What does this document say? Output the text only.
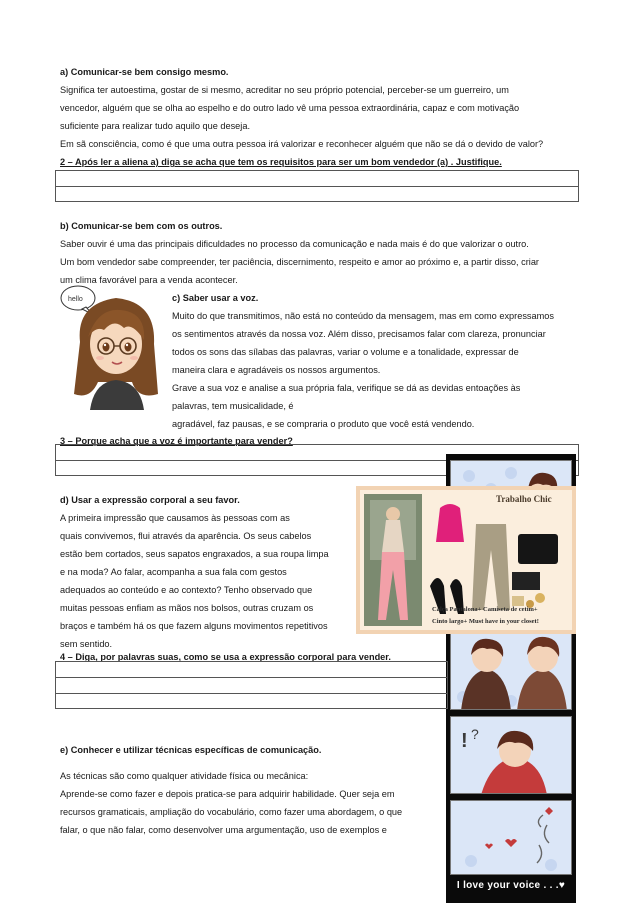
a) Comunicar-se bem consigo mesmo.
Significa ter autoestima, gostar de si mesmo, acreditar no seu próprio potencial, perceber-se um guerreiro, um
vencedor, alguém que se olha ao espelho e do outro lado vê uma pessoa extraordinária, capaz e com motivação
suficiente para realizar tudo aquilo que deseja.
Em sã consciência, como é que uma outra pessoa irá valorizar e reconhecer alguém que não se dá o devido de valor?
2 – Após ler a aliena a) diga se acha que tem os requisitos para ser um bom vendedor (a) . Justifique.
b) Comunicar-se bem com os outros.
Saber ouvir é uma das principais dificuldades no processo da comunicação e nada mais é do que valorizar o outro.
Um bom vendedor sabe compreender, ter paciência, discernimento, respeito e amor ao próximo e, a partir disso, criar
um clima favorável para a venda acontecer.
hello	c) Saber usar a voz.
Muito do que transmitimos, não está no conteúdo da mensagem, mas em como expressamos
os sentimentos através da nossa voz. Além disso, precisamos falar com clareza, pronunciar
todos os sons das sílabas das palavras, variar o volume e a tonalidade, expressar de
maneira clara e agradáveis os nossos argumentos.
Grave a sua voz e analise a sua própria fala, verifique se dá as devidas entoações às
palavras, tem musicalidade, é
agradável, faz pausas, e se compraria o produto que você está vendendo.
3 – Porque acha que a voz é importante para vender?
! ?
I love your voice . . .♥
Trabalho Chic
Calça Pantalona+ Camiseta de cetim+
Cinto largo+ Must have in your closet!
d) Usar a expressão corporal a seu favor.
A primeira impressão que causamos às pessoas com as
quais convivemos, flui através da aparência. Os seus cabelos
estão bem cortados, seus sapatos engraxados, a sua roupa limpa
e na moda? Ao falar, acompanha a sua fala com gestos
adequados ao conteúdo e ao contexto? Tenho observado que
muitas pessoas enfiam as mãos nos bolsos, outras cruzam os
braços e também há os que fazem alguns movimentos repetitivos
sem sentido.
4 – Diga, por palavras suas, como se usa a expressão corporal para vender.
e) Conhecer e utilizar técnicas específicas de comunicação.
As técnicas são como qualquer atividade física ou mecânica:
Aprende-se como fazer e depois pratica-se para adquirir habilidade. Quer seja em
recursos gramaticais, ampliação do vocabulário, como fazer uma abordagem, o que
falar, o que não falar, como desenvolver uma argumentação, uso de exemplos e
